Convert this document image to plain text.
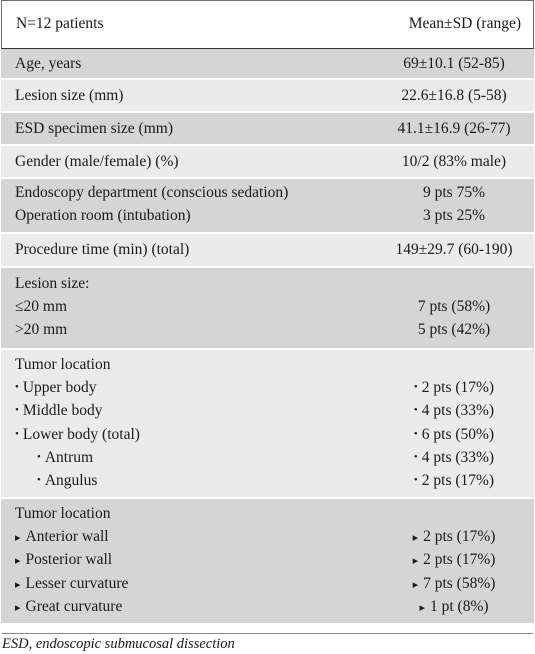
N=12 patients	Mean±SD (range)
Age, years	69±10.1 (52-85)
Lesion size (mm)	22.6±16.8 (5-58)
ESD specimen size (mm)	41.1±16.9 (26-77)
Gender (male/female) (%)	10/2 (83% male)
Endoscopy department (conscious sedation)	9 pts 75%
Operation room (intubation)	3 pts 25%
Procedure time (min) (total)	149±29.7 (60-190)
Lesion size:
≤20 mm	7 pts (58%)
>20 mm	5 pts (42%)
Tumor location
• Upper body	• 2 pts (17%)
• Middle body	• 4 pts (33%)
• Lower body (total)	• 6 pts (50%)
• Antrum	• 4 pts (33%)
• Angulus	• 2 pts (17%)
Tumor location
▸ Anterior wall	▸ 2 pts (17%)
▸ Posterior wall	▸ 2 pts (17%)
▸ Lesser curvature	▸ 7 pts (58%)
▸ Great curvature	▸ 1 pt (8%)
ESD, endoscopic submucosal dissection
